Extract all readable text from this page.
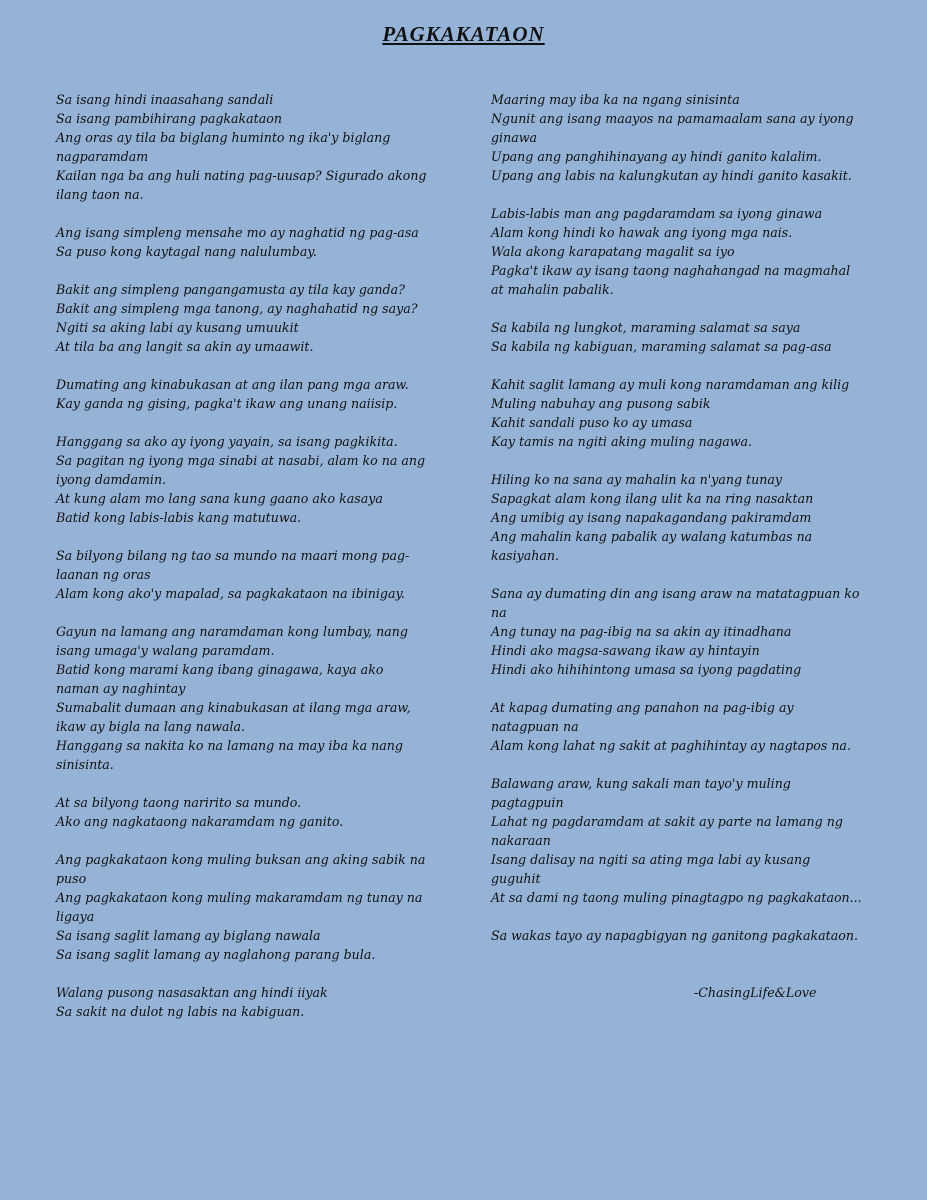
PAGKAKATAON
Sa isang hindi inaasahang sandali
Sa isang pambihirang pagkakataon
Ang oras ay tila ba biglang huminto ng ika'y biglang
nagparamdam
Kailan nga ba ang huli nating pag-uusap? Sigurado akong
ilang taon na.
Ang isang simpleng mensahe mo ay naghatid ng pag-asa
Sa puso kong kaytagal nang nalulumbay.
Bakit ang simpleng pangangamusta ay tila kay ganda?
Bakit ang simpleng mga tanong, ay naghahatid ng saya?
Ngiti sa aking labi ay kusang umuukit
At tila ba ang langit sa akin ay umaawit.
Dumating ang kinabukasan at ang ilan pang mga araw.
Kay ganda ng gising, pagka't ikaw ang unang naiisip.
Hanggang sa ako ay iyong yayain, sa isang pagkikita.
Sa pagitan ng iyong mga sinabi at nasabi, alam ko na ang
iyong damdamin.
At kung alam mo lang sana kung gaano ako kasaya
Batid kong labis-labis kang matutuwa.
Sa bilyong bilang ng tao sa mundo na maari mong pag-
laanan ng oras
Alam kong ako'y mapalad, sa pagkakataon na ibinigay.
Gayun na lamang ang naramdaman kong lumbay, nang
isang umaga'y walang paramdam.
Batid kong marami kang ibang ginagawa, kaya ako
naman ay naghintay
Sumabalit dumaan ang kinabukasan at ilang mga araw,
ikaw ay bigla na lang nawala.
Hanggang sa nakita ko na lamang na may iba ka nang
sinisinta.
At sa bilyong taong naririto sa mundo.
Ako ang nagkataong nakaramdam ng ganito.
Ang pagkakataon kong muling buksan ang aking sabik na
puso
Ang pagkakataon kong muling makaramdam ng tunay na
ligaya
Sa isang saglit lamang ay biglang nawala
Sa isang saglit lamang ay naglahong parang bula.
Walang pusong nasasaktan ang hindi iiyak
Sa sakit na dulot ng labis na kabiguan.
Maaring may iba ka na ngang sinisinta
Ngunit ang isang maayos na pamamaalam sana ay iyong
ginawa
Upang ang panghihinayang ay hindi ganito kalalim.
Upang ang labis na kalungkutan ay hindi ganito kasakit.
Labis-labis man ang pagdaramdam sa iyong ginawa
Alam kong hindi ko hawak ang iyong mga nais.
Wala akong karapatang magalit sa iyo
Pagka't ikaw ay isang taong naghahangad na magmahal
at mahalin pabalik.
Sa kabila ng lungkot, maraming salamat sa saya
Sa kabila ng kabiguan, maraming salamat sa pag-asa
Kahit saglit lamang ay muli kong naramdaman ang kilig
Muling nabuhay ang pusong sabik
Kahit sandali puso ko ay umasa
Kay tamis na ngiti aking muling nagawa.
Hiling ko na sana ay mahalin ka n'yang tunay
Sapagkat alam kong ilang ulit ka na ring nasaktan
Ang umibig ay isang napakagandang pakiramdam
Ang mahalin kang pabalik ay walang katumbas na
kasiyahan.
Sana ay dumating din ang isang araw na matatagpuan ko
na
Ang tunay na pag-ibig na sa akin ay itinadhana
Hindi ako magsa-sawang ikaw ay hintayin
Hindi ako hihihintong umasa sa iyong pagdating
At kapag dumating ang panahon na pag-ibig ay
natagpuan na
Alam kong lahat ng sakit at paghihintay ay nagtapos na.
Balawang araw, kung sakali man tayo'y muling
pagtagpuin
Lahat ng pagdaramdam at sakit ay parte na lamang ng
nakaraan
Isang dalisay na ngiti sa ating mga labi ay kusang
guguhit
At sa dami ng taong muling pinagtagpo ng pagkakataon...
Sa wakas tayo ay napagbigyan ng ganitong pagkakataon.
-ChasingLife&Love
